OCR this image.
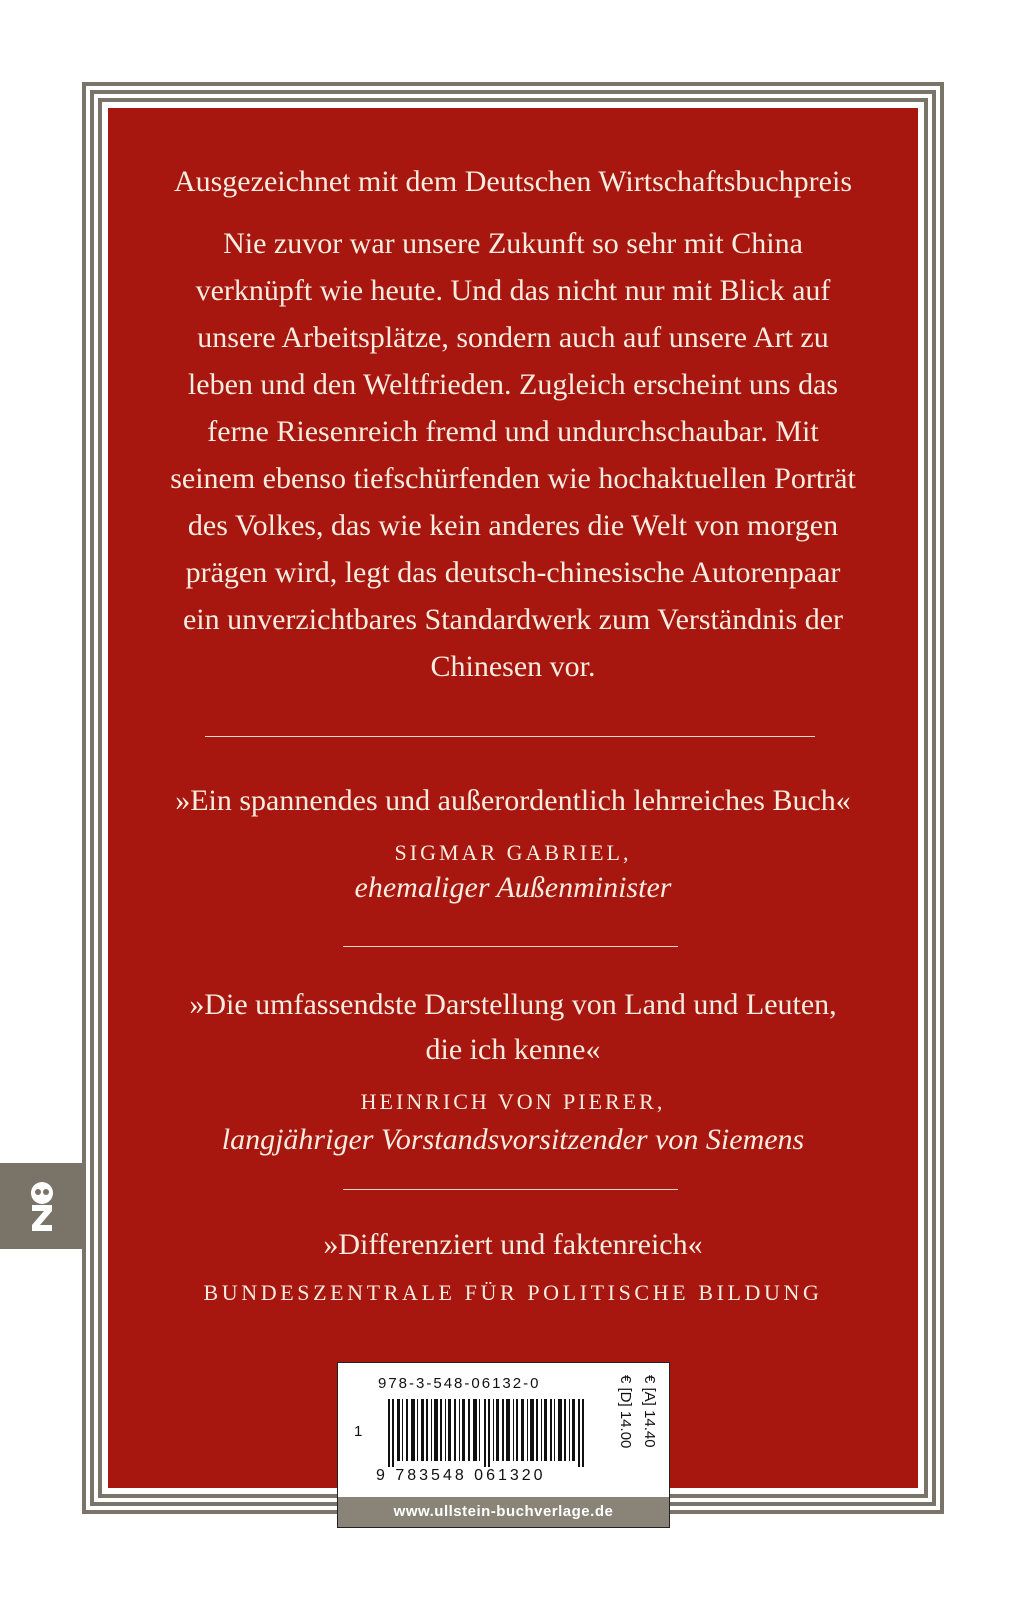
Ausgezeichnet mit dem Deutschen Wirtschaftsbuchpreis

Nie zuvor war unsere Zukunft so sehr mit China

verknüpft wie heute. Und das nicht nur mit Blick auf

unsere Arbeitsplätze, sondern auch auf unsere Art zu

leben und den Weltfrieden. Zugleich erscheint uns das

ferne Riesenreich fremd und undurchschaubar. Mit

seinem ebenso tiefschürfenden wie hochaktuellen Porträt

des Volkes, das wie kein anderes die Welt von morgen

prägen wird, legt das deutsch-chinesische Autorenpaar

ein unverzichtbares Standardwerk zum Verständnis der

Chinesen vor.

»Ein spannendes und außerordentlich lehrreiches Buch«
SIGMAR GABRIEL,
ehemaliger Außenminister
»Die umfassendste Darstellung von Land und Leuten,
die ich kenne«
HEINRICH VON PIERER,
langjähriger Vorstandsvorsitzender von Siemens
»Differenziert und faktenreich«
BUNDESZENTRALE FÜR POLITISCHE BILDUNG
978-3-548-06132-0
1
9 783548 061320
€ [D] 14.00 € [A] 14.40
www.ullstein-buchverlage.de
